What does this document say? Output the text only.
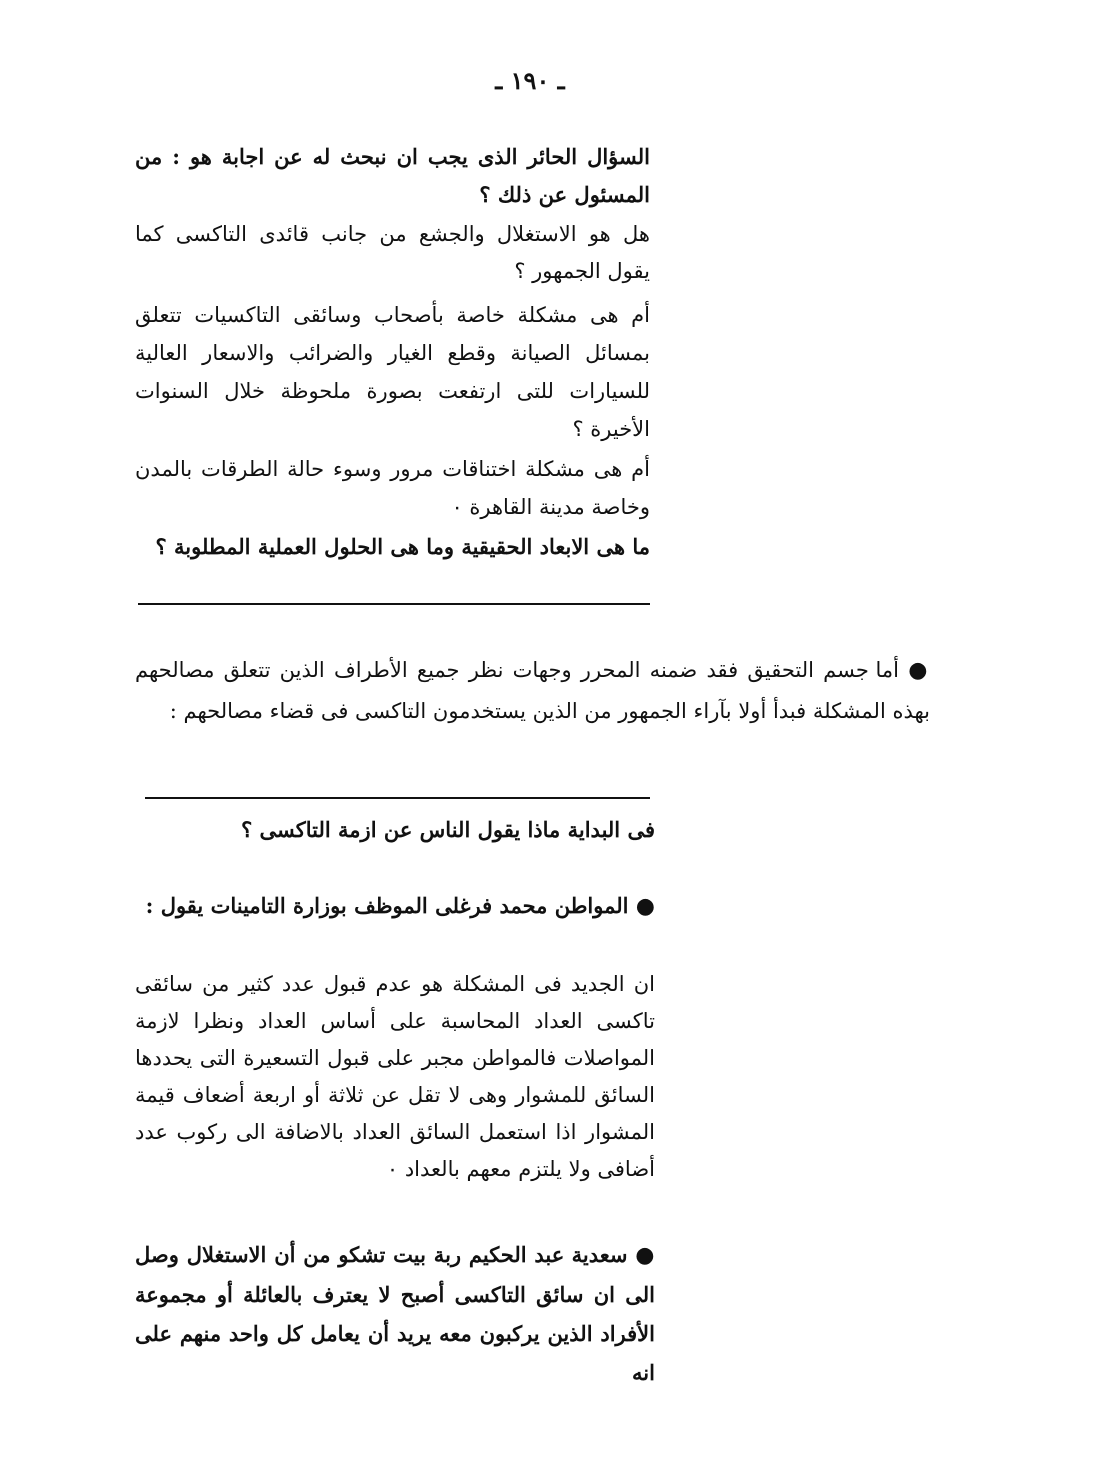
ـ ١٩٠ ـ

السؤال الحائر الذى يجب ان نبحث له عن اجابة هو : من المسئول عن ذلك ؟

هل هو الاستغلال والجشع من جانب قائدى التاكسى كما يقول الجمهور ؟

أم هى مشكلة خاصة بأصحاب وسائقى التاكسيات تتعلق بمسائل الصيانة وقطع الغيار والضرائب والاسعار العالية للسيارات للتى ارتفعت بصورة ملحوظة خلال السنوات الأخيرة ؟

أم هى مشكلة اختناقات مرور وسوء حالة الطرقات بالمدن وخاصة مدينة القاهرة ٠

ما هى الابعاد الحقيقية وما هى الحلول العملية المطلوبة ؟

● أما جسم التحقيق فقد ضمنه المحرر وجهات نظر جميع الأطراف الذين تتعلق مصالحهم بهذه المشكلة فبدأ أولا بآراء الجمهور من الذين يستخدمون التاكسى فى قضاء مصالحهم :

فى البداية ماذا يقول الناس عن ازمة التاكسى ؟

● المواطن محمد فرغلى الموظف بوزارة التامينات يقول :

ان الجديد فى المشكلة هو عدم قبول عدد كثير من سائقى تاكسى العداد المحاسبة على أساس العداد ونظرا لازمة المواصلات فالمواطن مجبر على قبول التسعيرة التى يحددها السائق للمشوار وهى لا تقل عن ثلاثة أو اربعة أضعاف قيمة المشوار اذا استعمل السائق العداد بالاضافة الى ركوب عدد أضافى ولا يلتزم معهم بالعداد ٠

● سعدية عبد الحكيم ربة بيت تشكو من أن الاستغلال وصل الى ان سائق التاكسى أصبح لا يعترف بالعائلة أو مجموعة الأفراد الذين يركبون معه يريد أن يعامل كل واحد منهم على انه
